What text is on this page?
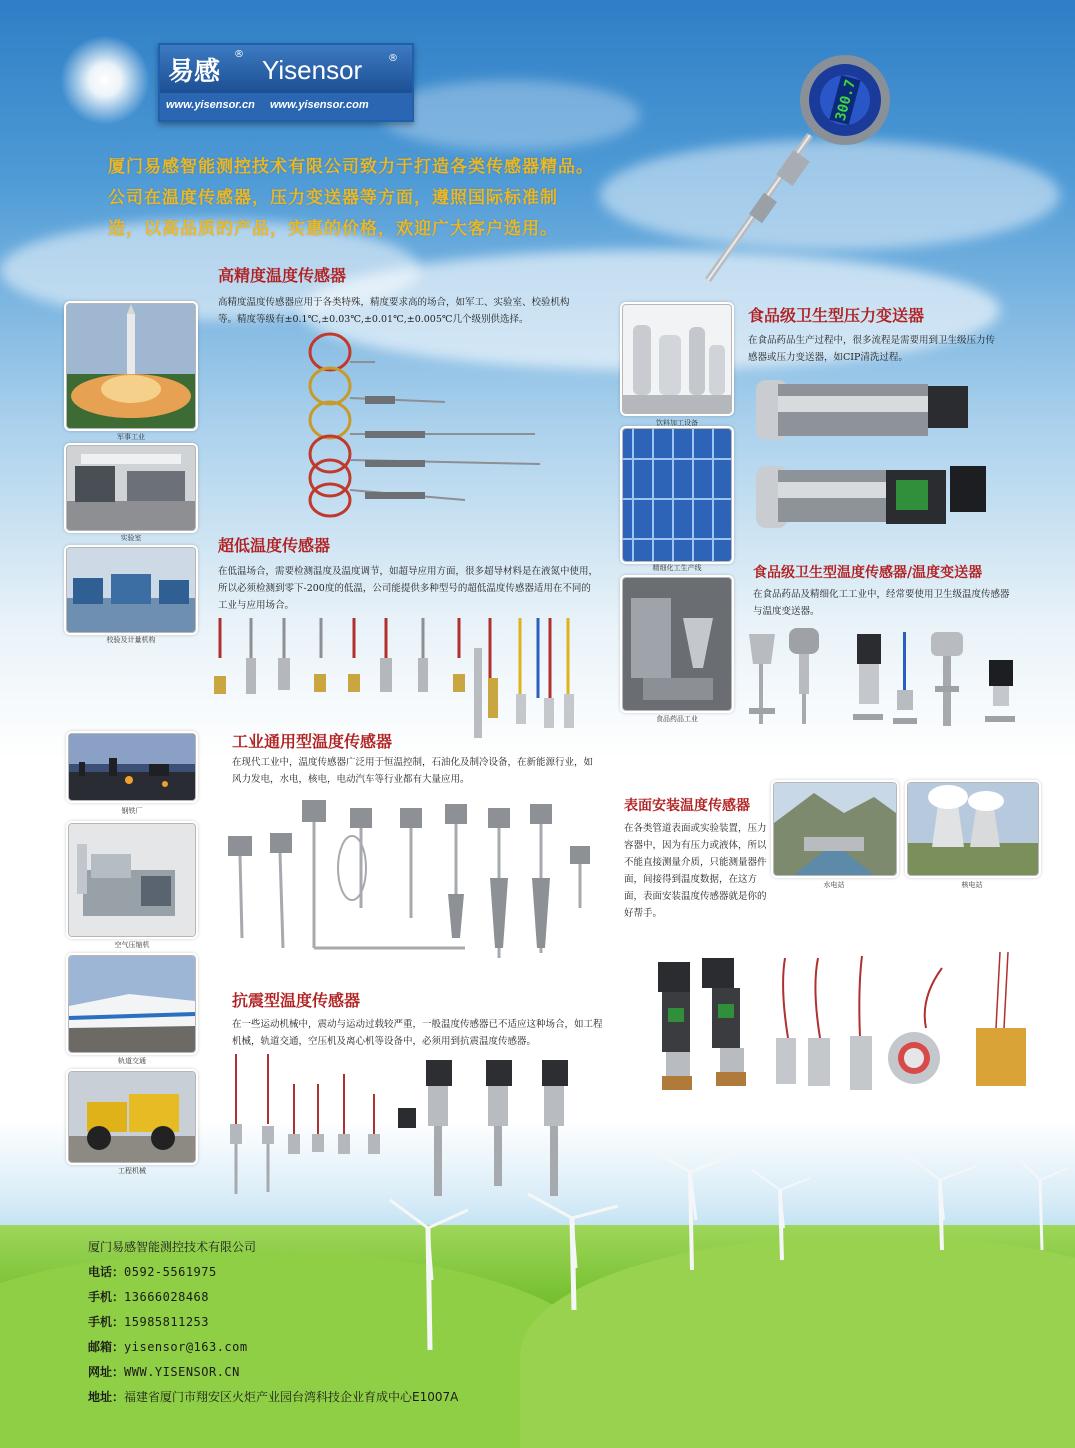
易感
®
Yisensor	®
www.yisensor.cn www.yisensor.com
厦门易感智能测控技术有限公司致力于打造各类传感器精品。
公司在温度传感器，压力变送器等方面，遵照国际标准制
造，以高品质的产品，实惠的价格，欢迎广大客户选用。
300.7
军事工业
实验室
校验及计量机构
钢铁厂
空气压缩机
轨道交通
工程机械
饮料加工设备
精细化工生产线
食品药品工业
水电站	核电站
高精度温度传感器
高精度温度传感器应用于各类特殊，精度要求高的场合，如军工、实验室、校验机构等。精度等级有±0.1℃,±0.03℃,±0.01℃,±0.005℃几个级别供选择。
超低温度传感器
在低温场合，需要检测温度及温度调节，如超导应用方面，很多超导材料是在液氮中使用，所以必须检测到零下-200度的低温，公司能提供多种型号的超低温度传感器适用在不同的工业与应用场合。
工业通用型温度传感器
在现代工业中，温度传感器广泛用于恒温控制，石油化及制冷设备，在新能源行业，如风力发电，水电，核电，电动汽车等行业都有大量应用。
抗震型温度传感器
在一些运动机械中，震动与运动过载较严重，一般温度传感器已不适应这种场合，如工程机械，轨道交通，空压机及离心机等设备中，必须用到抗震温度传感器。
食品级卫生型压力变送器
在食品药品生产过程中，很多流程是需要用到卫生级压力传感器或压力变送器，如CIP清洗过程。
食品级卫生型温度传感器/温度变送器
在食品药品及精细化工工业中，经常要使用卫生级温度传感器与温度变送器。
表面安装温度传感器
在各类管道表面或实验装置，压力容器中，因为有压力或液体，所以不能直接测量介质，只能测量器件面，间接得到温度数据，在这方面，表面安装温度传感器就是你的好帮手。
厦门易感智能测控技术有限公司
电话：0592-5561975
手机：13666028468
手机：15985811253
邮箱：yisensor@163.com
网址：WWW.YISENSOR.CN
地址：福建省厦门市翔安区火炬产业园台湾科技企业育成中心E1007A
